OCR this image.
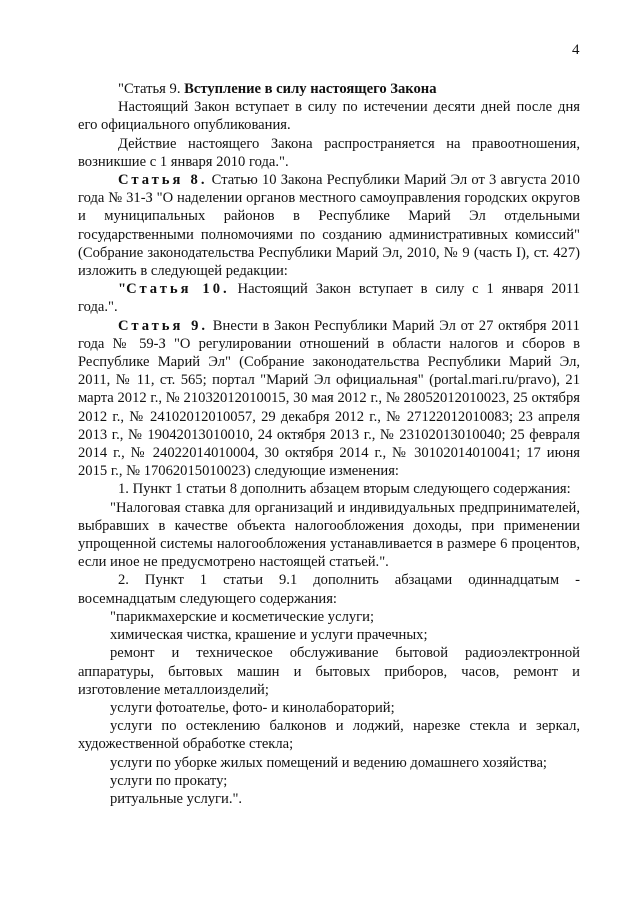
4

"Статья 9. Вступление в силу настоящего Закона

Настоящий Закон вступает в силу по истечении десяти дней после дня его официального опубликования.

Действие настоящего Закона распространяется на правоотношения, возникшие с 1 января 2010 года.".

Статья 8. Статью 10 Закона Республики Марий Эл от 3 августа 2010 года № 31-З "О наделении органов местного самоуправления городских округов и муниципальных районов в Республике Марий Эл отдельными государственными полномочиями по созданию административных комиссий" (Собрание законодательства Республики Марий Эл, 2010, № 9 (часть I), ст. 427) изложить в следующей редакции:

"Статья 10. Настоящий Закон вступает в силу с 1 января 2011 года.".

Статья 9. Внести в Закон Республики Марий Эл от 27 октября 2011 года № 59-З "О регулировании отношений в области налогов и сборов в Республике Марий Эл" (Собрание законодательства Республики Марий Эл, 2011, № 11, ст. 565; портал "Марий Эл официальная" (portal.mari.ru/pravo), 21 марта 2012 г., № 21032012010015, 30 мая 2012 г., № 28052012010023, 25 октября 2012 г., № 24102012010057, 29 декабря 2012 г., № 27122012010083; 23 апреля 2013 г., № 19042013010010, 24 октября 2013 г., № 23102013010040; 25 февраля 2014 г., № 24022014010004, 30 октября 2014 г., № 30102014010041; 17 июня 2015 г., № 17062015010023) следующие изменения:

1. Пункт 1 статьи 8 дополнить абзацем вторым следующего содержания:

"Налоговая ставка для организаций и индивидуальных предпринимателей, выбравших в качестве объекта налогообложения доходы, при применении упрощенной системы налогообложения устанавливается в размере 6 процентов, если иное не предусмотрено настоящей статьей.".

2. Пункт 1 статьи 9.1 дополнить абзацами одиннадцатым - восемнадцатым следующего содержания:

"парикмахерские и косметические услуги;

химическая чистка, крашение и услуги прачечных;

ремонт и техническое обслуживание бытовой радиоэлектронной аппаратуры, бытовых машин и бытовых приборов, часов, ремонт и изготовление металлоизделий;

услуги фотоателье, фото- и кинолабораторий;

услуги по остеклению балконов и лоджий, нарезке стекла и зеркал, художественной обработке стекла;

услуги по уборке жилых помещений и ведению домашнего хозяйства;

услуги по прокату;

ритуальные услуги.".
